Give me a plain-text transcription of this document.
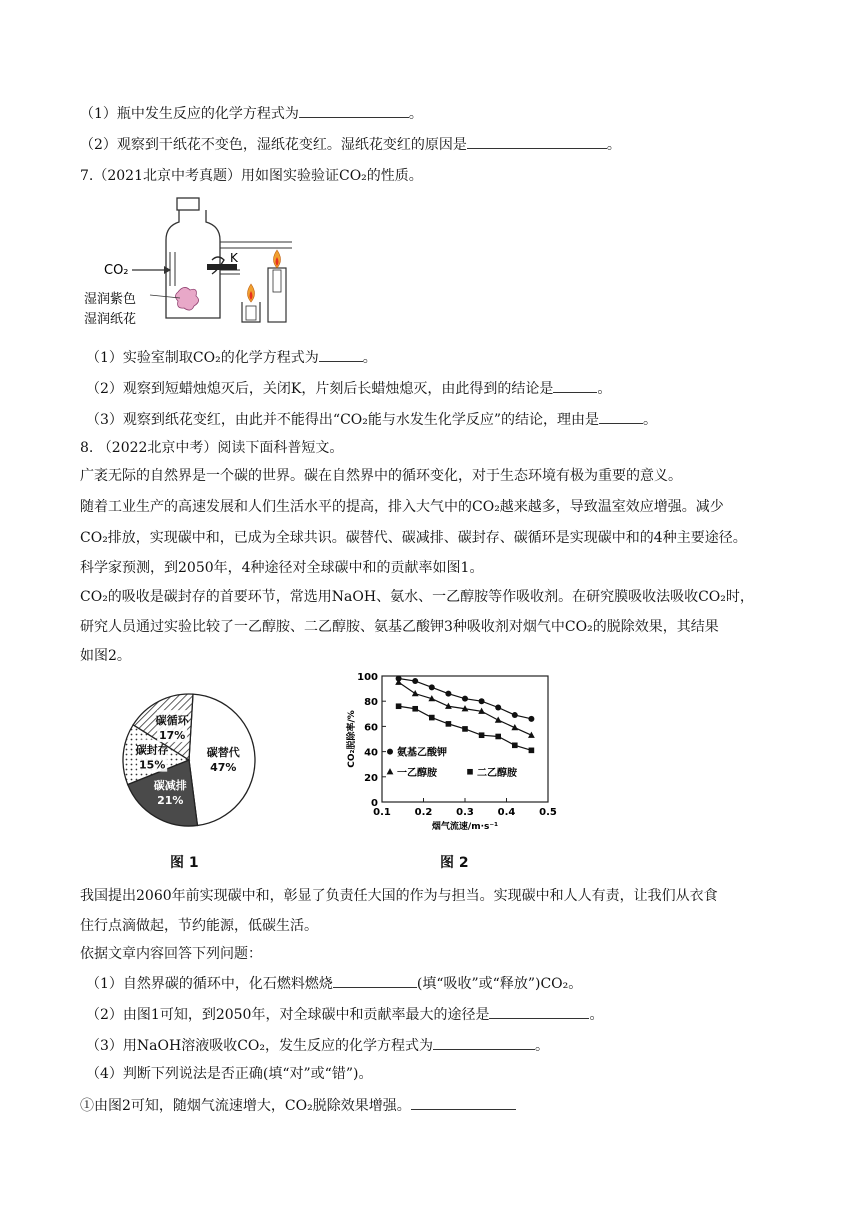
（1）瓶中发生反应的化学方程式为	。
（2）观察到干纸花不变色，湿纸花变红。湿纸花变红的原因是	。
7.（2021北京中考真题）用如图实验验证CO₂的性质。
K
CO₂
湿润紫色
湿润纸花
（1）实验室制取CO₂的化学方程式为	。
（2）观察到短蜡烛熄灭后，关闭K，片刻后长蜡烛熄灭，由此得到的结论是	。
（3）观察到纸花变红，由此并不能得出“CO₂能与水发生化学反应”的结论，理由是	。
8. （2022北京中考）阅读下面科普短文。
广袤无际的自然界是一个碳的世界。碳在自然界中的循环变化，对于生态环境有极为重要的意义。
随着工业生产的高速发展和人们生活水平的提高，排入大气中的CO₂越来越多，导致温室效应增强。减少
CO₂排放，实现碳中和，已成为全球共识。碳替代、碳减排、碳封存、碳循环是实现碳中和的4种主要途径。
科学家预测，到2050年，4种途径对全球碳中和的贡献率如图1。
CO₂的吸收是碳封存的首要环节，常选用NaOH、氨水、一乙醇胺等作吸收剂。在研究膜吸收法吸收CO₂时，
研究人员通过实验比较了一乙醇胺、二乙醇胺、氨基乙酸钾3种吸收剂对烟气中CO₂的脱除效果，其结果
如图2。
碳替代
47%
碳减排
21%
碳封存
15%
碳循环
17%
图 1
0
20
40
60
80
100
0.1 0.2 0.3 0.4 0.5
烟气流速/m·s⁻¹
CO₂脱除率/%	氨基乙酸钾
一乙醇胺	二乙醇胺
图 2
我国提出2060年前实现碳中和，彰显了负责任大国的作为与担当。实现碳中和人人有责，让我们从衣食
住行点滴做起，节约能源，低碳生活。
依据文章内容回答下列问题：
（1）自然界碳的循环中，化石燃料燃烧	(填“吸收”或“释放”)CO₂。
（2）由图1可知，到2050年，对全球碳中和贡献率最大的途径是	。
（3）用NaOH溶液吸收CO₂，发生反应的化学方程式为	。
（4）判断下列说法是否正确(填“对”或“错”)。
①由图2可知，随烟气流速增大，CO₂脱除效果增强。
